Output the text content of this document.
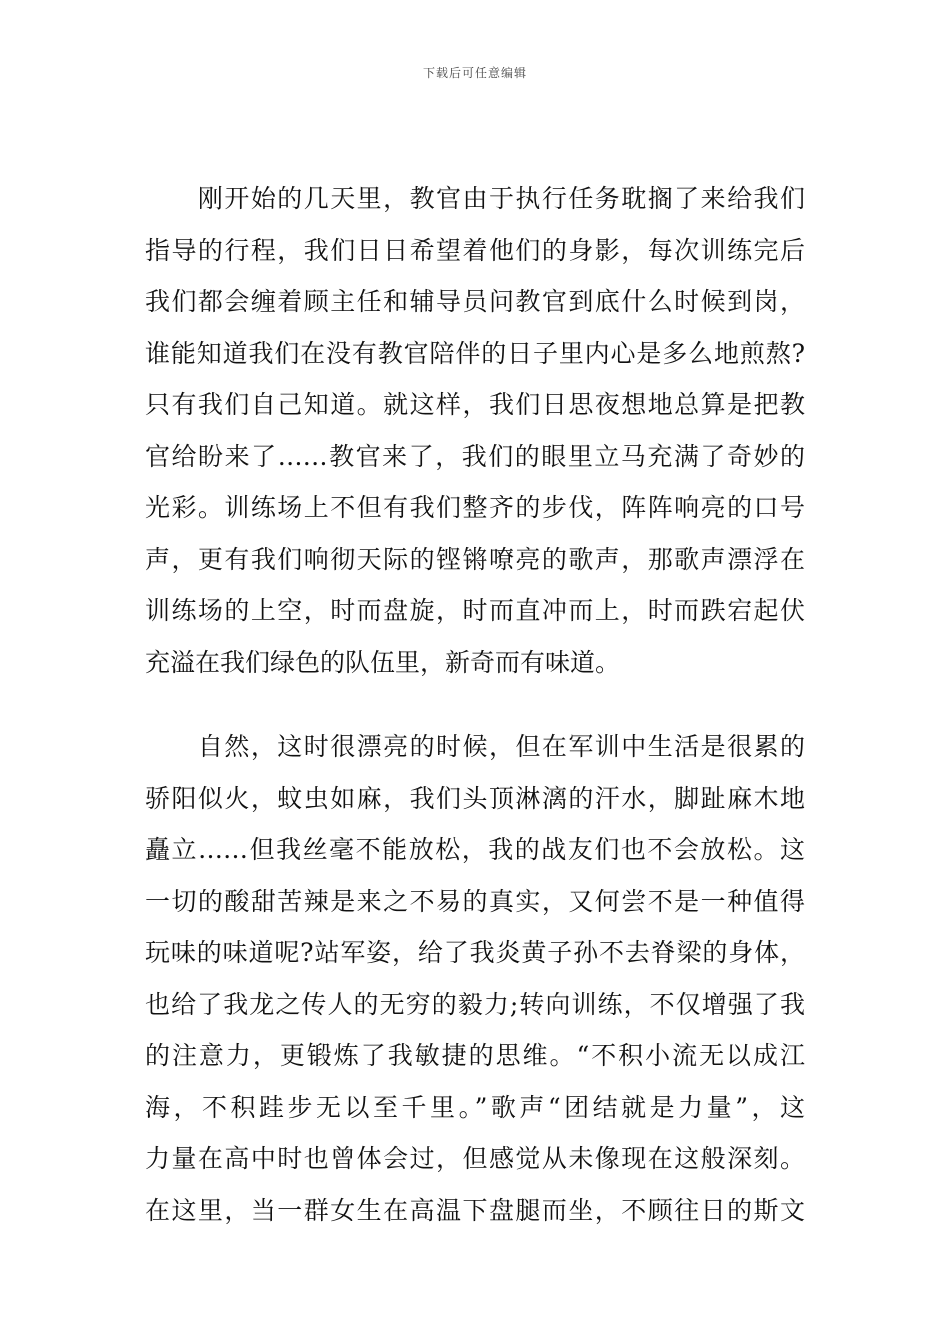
下载后可任意编辑
　　刚开始的几天里，教官由于执行任务耽搁了来给我们
指导的行程，我们日日希望着他们的身影，每次训练完后
我们都会缠着顾主任和辅导员问教官到底什么时候到岗，
谁能知道我们在没有教官陪伴的日子里内心是多么地煎熬?
只有我们自己知道。就这样，我们日思夜想地总算是把教
官给盼来了……教官来了，我们的眼里立马充满了奇妙的
光彩。训练场上不但有我们整齐的步伐，阵阵响亮的口号
声，更有我们响彻天际的铿锵嘹亮的歌声，那歌声漂浮在
训练场的上空，时而盘旋，时而直冲而上，时而跌宕起伏
充溢在我们绿色的队伍里，新奇而有味道。
　　自然，这时很漂亮的时候，但在军训中生活是很累的
骄阳似火，蚊虫如麻，我们头顶淋漓的汗水，脚趾麻木地
矗立……但我丝毫不能放松，我的战友们也不会放松。这
一切的酸甜苦辣是来之不易的真实，又何尝不是一种值得
玩味的味道呢?站军姿，给了我炎黄子孙不去脊梁的身体，
也给了我龙之传人的无穷的毅力;转向训练，不仅增强了我
的注意力，更锻炼了我敏捷的思维。“不积小流无以成江
海，不积跬步无以至千里。”歌声“团结就是力量”，这
力量在高中时也曾体会过，但感觉从未像现在这般深刻。
在这里，当一群女生在高温下盘腿而坐，不顾往日的斯文
